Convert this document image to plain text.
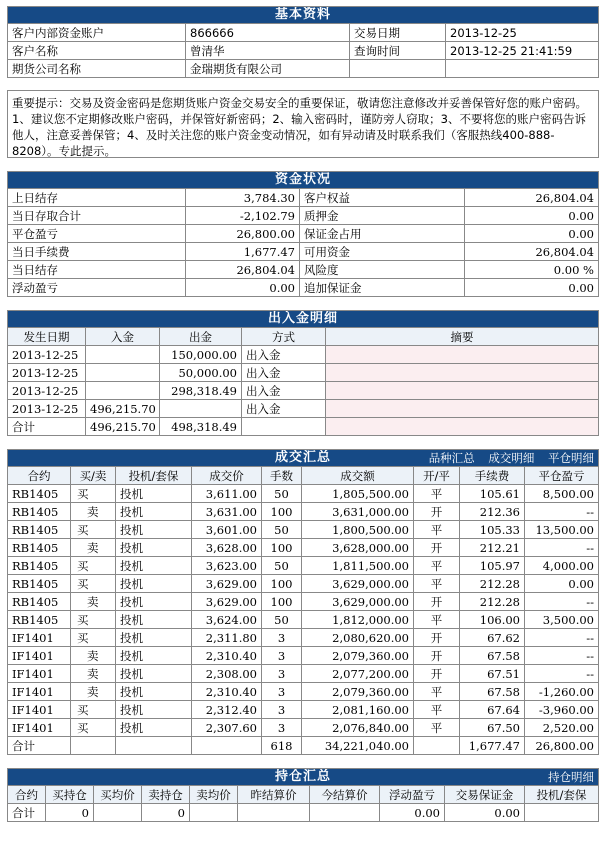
基本资料			
客户内部资金账户	866666	交易日期	2013-12-25
客户名称	曾清华	查询时间	2013-12-25 21:41:59
期货公司名称	金瑞期货有限公司		
重要提示：交易及资金密码是您期货账户资金交易安全的重要保证，敬请您注意修改并妥善保管好您的账户密码。1、建议您不定期修改账户密码，并保管好新密码；2、输入密码时，谨防旁人窃取；3、不要将您的账户密码告诉他人，注意妥善保管；4、及时关注您的账户资金变动情况，如有异动请及时联系我们（客服热线400-888-8208）。专此提示。
资金状况			
上日结存	3,784.30	客户权益	26,804.04
当日存取合计	-2,102.79	质押金	0.00
平仓盈亏	26,800.00	保证金占用	0.00
当日手续费	1,677.47	可用资金	26,804.04
当日结存	26,804.04	风险度	0.00 %
浮动盈亏	0.00	追加保证金	0.00
出入金明细				
发生日期	入金	出金	方式	摘要
2013-12-25		150,000.00	出入金	
2013-12-25		50,000.00	出入金	
2013-12-25		298,318.49	出入金	
2013-12-25	496,215.70		出入金	
合计	496,215.70	498,318.49		
成交汇总 品种汇总 成交明细 平仓明细								

合约	买/卖	投机/套保	成交价	手数	成交额	开/平	手续费	平仓盈亏
RB1405	买	投机	3,611.00	50	1,805,500.00	平	105.61	8,500.00
RB1405	卖	投机	3,631.00	100	3,631,000.00	开	212.36	--
RB1405	买	投机	3,601.00	50	1,800,500.00	平	105.33	13,500.00
RB1405	卖	投机	3,628.00	100	3,628,000.00	开	212.21	--
RB1405	买	投机	3,623.00	50	1,811,500.00	平	105.97	4,000.00
RB1405	买	投机	3,629.00	100	3,629,000.00	平	212.28	0.00
RB1405	卖	投机	3,629.00	100	3,629,000.00	开	212.28	--
RB1405	买	投机	3,624.00	50	1,812,000.00	平	106.00	3,500.00
IF1401	买	投机	2,311.80	3	2,080,620.00	开	67.62	--
IF1401	卖	投机	2,310.40	3	2,079,360.00	开	67.58	--
IF1401	卖	投机	2,308.00	3	2,077,200.00	开	67.51	--
IF1401	卖	投机	2,310.40	3	2,079,360.00	平	67.58	-1,260.00
IF1401	买	投机	2,312.40	3	2,081,160.00	平	67.64	-3,960.00
IF1401	买	投机	2,307.60	3	2,076,840.00	平	67.50	2,520.00
合计				618	34,221,040.00		1,677.47	26,800.00
持仓汇总 持仓明细									

合约	买持仓	买均价	卖持仓	卖均价	昨结算价	今结算价	浮动盈亏	交易保证金	投机/套保
合计	0		0				0.00	0.00	
